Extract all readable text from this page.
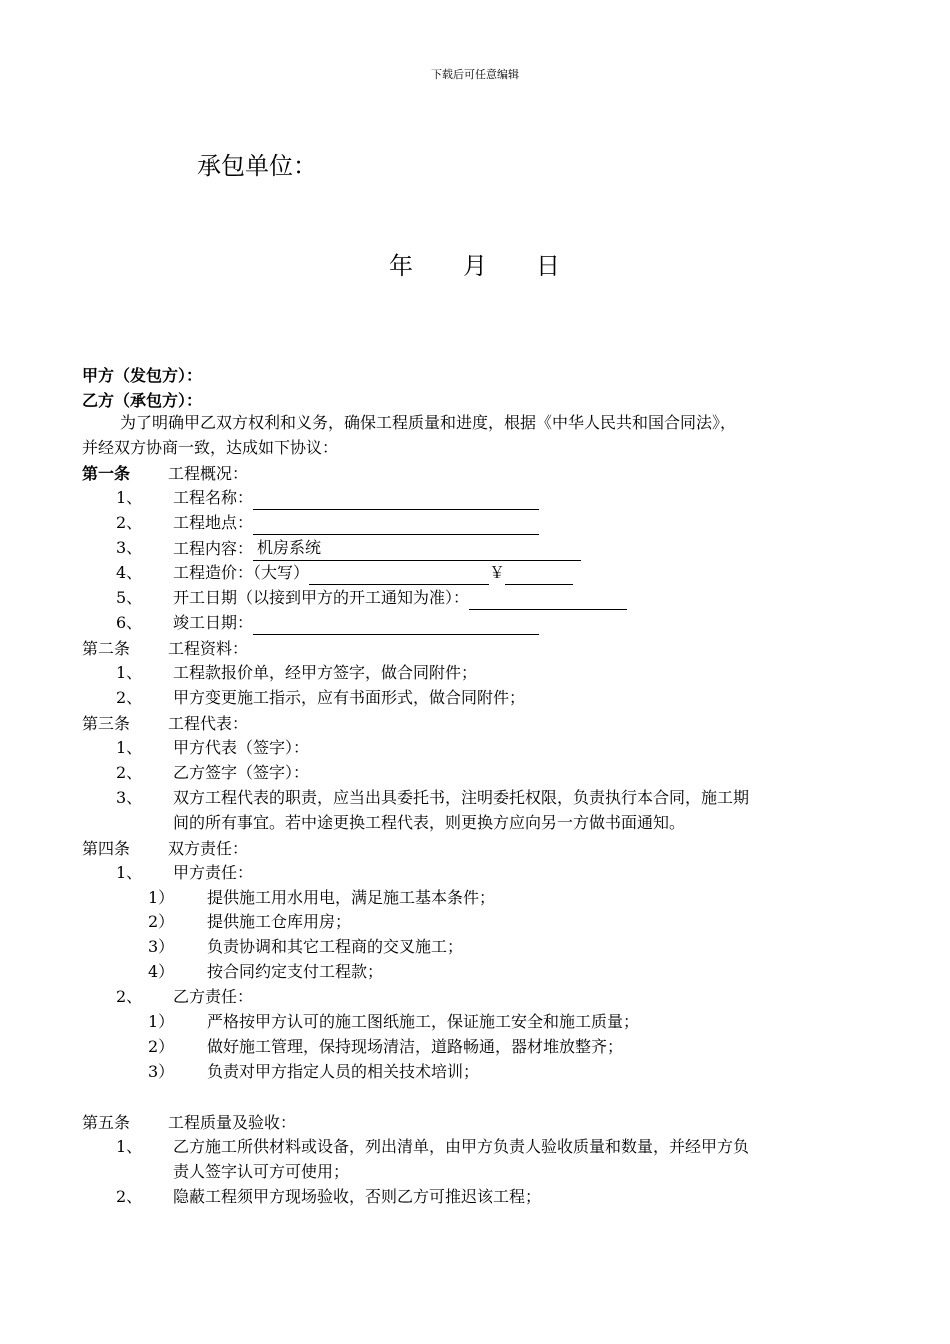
下载后可任意编辑
承包单位：
年 月 日
甲方（发包方）：
乙方（承包方）：
为了明确甲乙双方权利和义务，确保工程质量和进度，根据《中华人民共和国合同法》，
并经双方协商一致，达成如下协议：
第一条 工程概况：
1、 工程名称：
2、 工程地点：
3、 工程内容： 机房系统
4、 工程造价：（大写）	￥
5、 开工日期（以接到甲方的开工通知为准）：
6、 竣工日期：
第二条 工程资料：
1、 工程款报价单，经甲方签字，做合同附件；
2、 甲方变更施工指示，应有书面形式，做合同附件；
第三条 工程代表：
1、 甲方代表（签字）：
2、 乙方签字（签字）：
3、 双方工程代表的职责，应当出具委托书，注明委托权限，负责执行本合同，施工期
间的所有事宜。若中途更换工程代表，则更换方应向另一方做书面通知。
第四条 双方责任：
1、 甲方责任：
1） 提供施工用水用电，满足施工基本条件；
2） 提供施工仓库用房；
3） 负责协调和其它工程商的交叉施工；
4） 按合同约定支付工程款；
2、 乙方责任：
1） 严格按甲方认可的施工图纸施工，保证施工安全和施工质量；
2） 做好施工管理，保持现场清洁，道路畅通，器材堆放整齐；
3） 负责对甲方指定人员的相关技术培训；
第五条 工程质量及验收：
1、 乙方施工所供材料或设备，列出清单，由甲方负责人验收质量和数量，并经甲方负
责人签字认可方可使用；
2、 隐蔽工程须甲方现场验收，否则乙方可推迟该工程；
